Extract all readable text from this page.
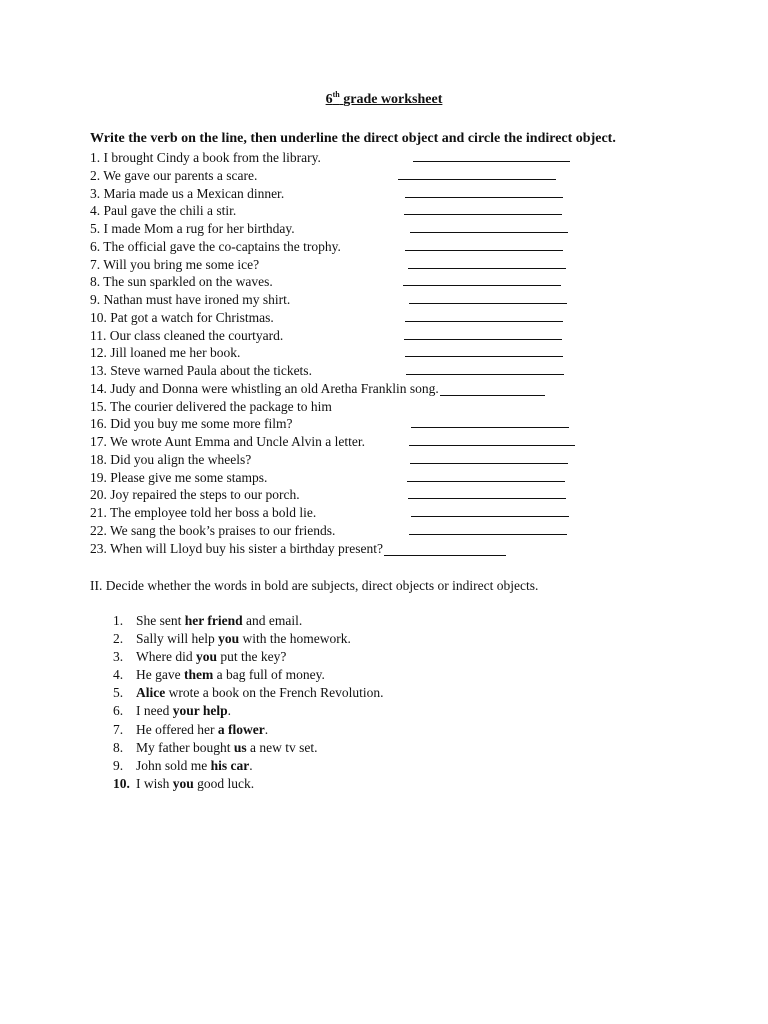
6th grade worksheet
Write the verb on the line, then underline the direct object and circle the indirect object.
1. I brought Cindy a book from the library.
2. We gave our parents a scare.
3. Maria made us a Mexican dinner.
4. Paul gave the chili a stir.
5. I made Mom a rug for her birthday.
6. The official gave the co-captains the trophy.
7. Will you bring me some ice?
8. The sun sparkled on the waves.
9. Nathan must have ironed my shirt.
10. Pat got a watch for Christmas.
11. Our class cleaned the courtyard.
12. Jill loaned me her book.
13. Steve warned Paula about the tickets.
14. Judy and Donna were whistling an old Aretha Franklin song.
15. The courier delivered the package to him
16. Did you buy me some more film?
17. We wrote Aunt Emma and Uncle Alvin a letter.
18. Did you align the wheels?
19. Please give me some stamps.
20. Joy repaired the steps to our porch.
21. The employee told her boss a bold lie.
22. We sang the book’s praises to our friends.
23. When will Lloyd buy his sister a birthday present?
II. Decide whether the words in bold are subjects, direct objects or indirect objects.
1. She sent her friend and email.
2. Sally will help you with the homework.
3. Where did you put the key?
4. He gave them a bag full of money.
5. Alice wrote a book on the French Revolution.
6. I need your help.
7. He offered her a flower.
8. My father bought us a new tv set.
9. John sold me his car.
10. I wish you good luck.
